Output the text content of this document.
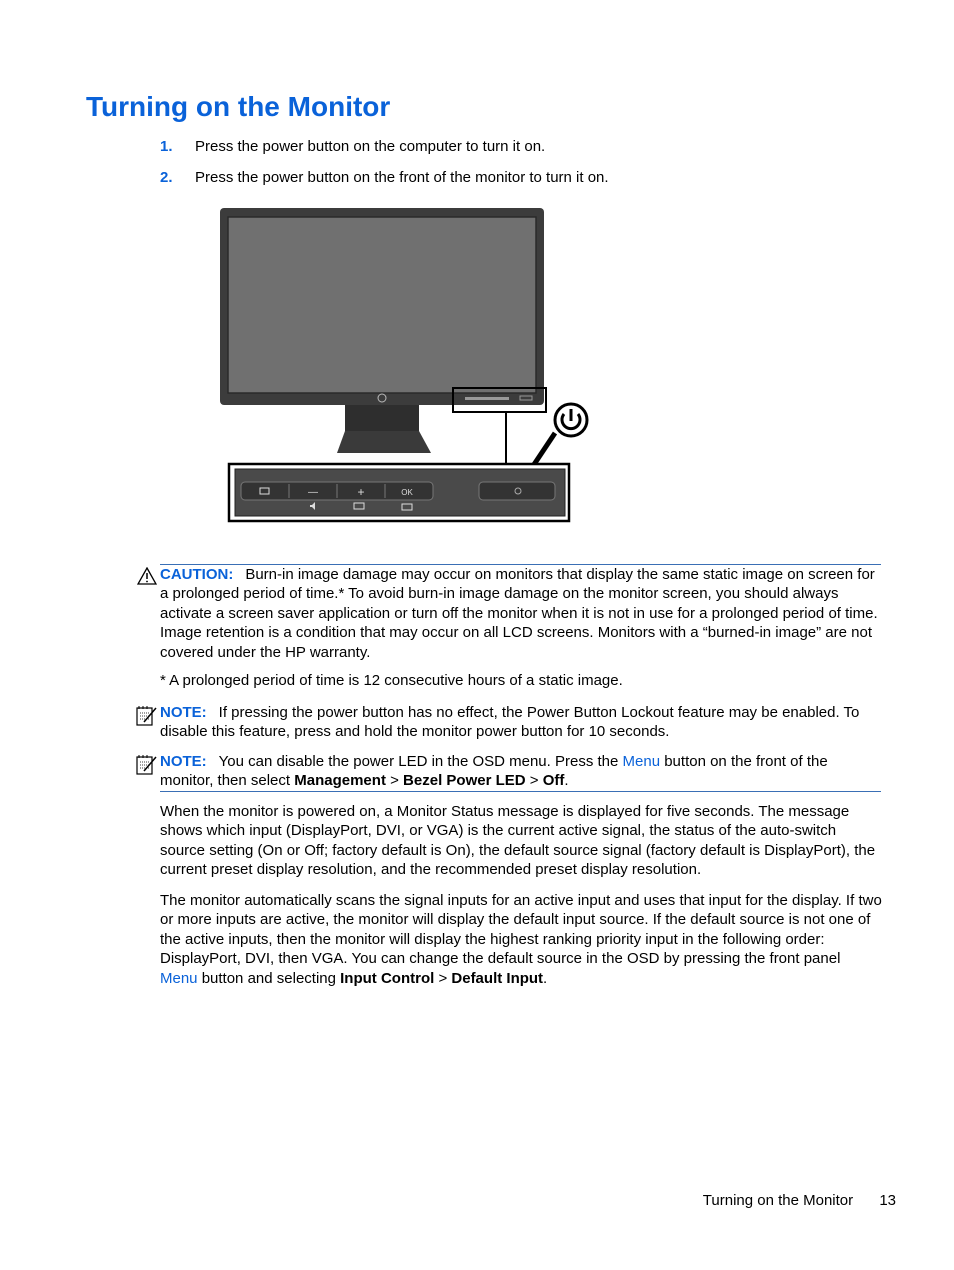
Turning on the Monitor
1. Press the power button on the computer to turn it on.
2. Press the power button on the front of the monitor to turn it on.
—	+	OK

CAUTION: Burn-in image damage may occur on monitors that display the same static image on screen for a prolonged period of time.* To avoid burn-in image damage on the monitor screen, you should always activate a screen saver application or turn off the monitor when it is not in use for a prolonged period of time. Image retention is a condition that may occur on all LCD screens. Monitors with a “burned-in image” are not covered under the HP warranty.

* A prolonged period of time is 12 consecutive hours of a static image.

NOTE: If pressing the power button has no effect, the Power Button Lockout feature may be enabled. To disable this feature, press and hold the monitor power button for 10 seconds.

NOTE: You can disable the power LED in the OSD menu. Press the Menu button on the front of the monitor, then select Management > Bezel Power LED > Off.

When the monitor is powered on, a Monitor Status message is displayed for five seconds. The message shows which input (DisplayPort, DVI, or VGA) is the current active signal, the status of the auto-switch source setting (On or Off; factory default is On), the default source signal (factory default is DisplayPort), the current preset display resolution, and the recommended preset display resolution.

The monitor automatically scans the signal inputs for an active input and uses that input for the display. If two or more inputs are active, the monitor will display the default input source. If the default source is not one of the active inputs, then the monitor will display the highest ranking priority input in the following order: DisplayPort, DVI, then VGA. You can change the default source in the OSD by pressing the front panel Menu button and selecting Input Control > Default Input.

Turning on the Monitor 13
